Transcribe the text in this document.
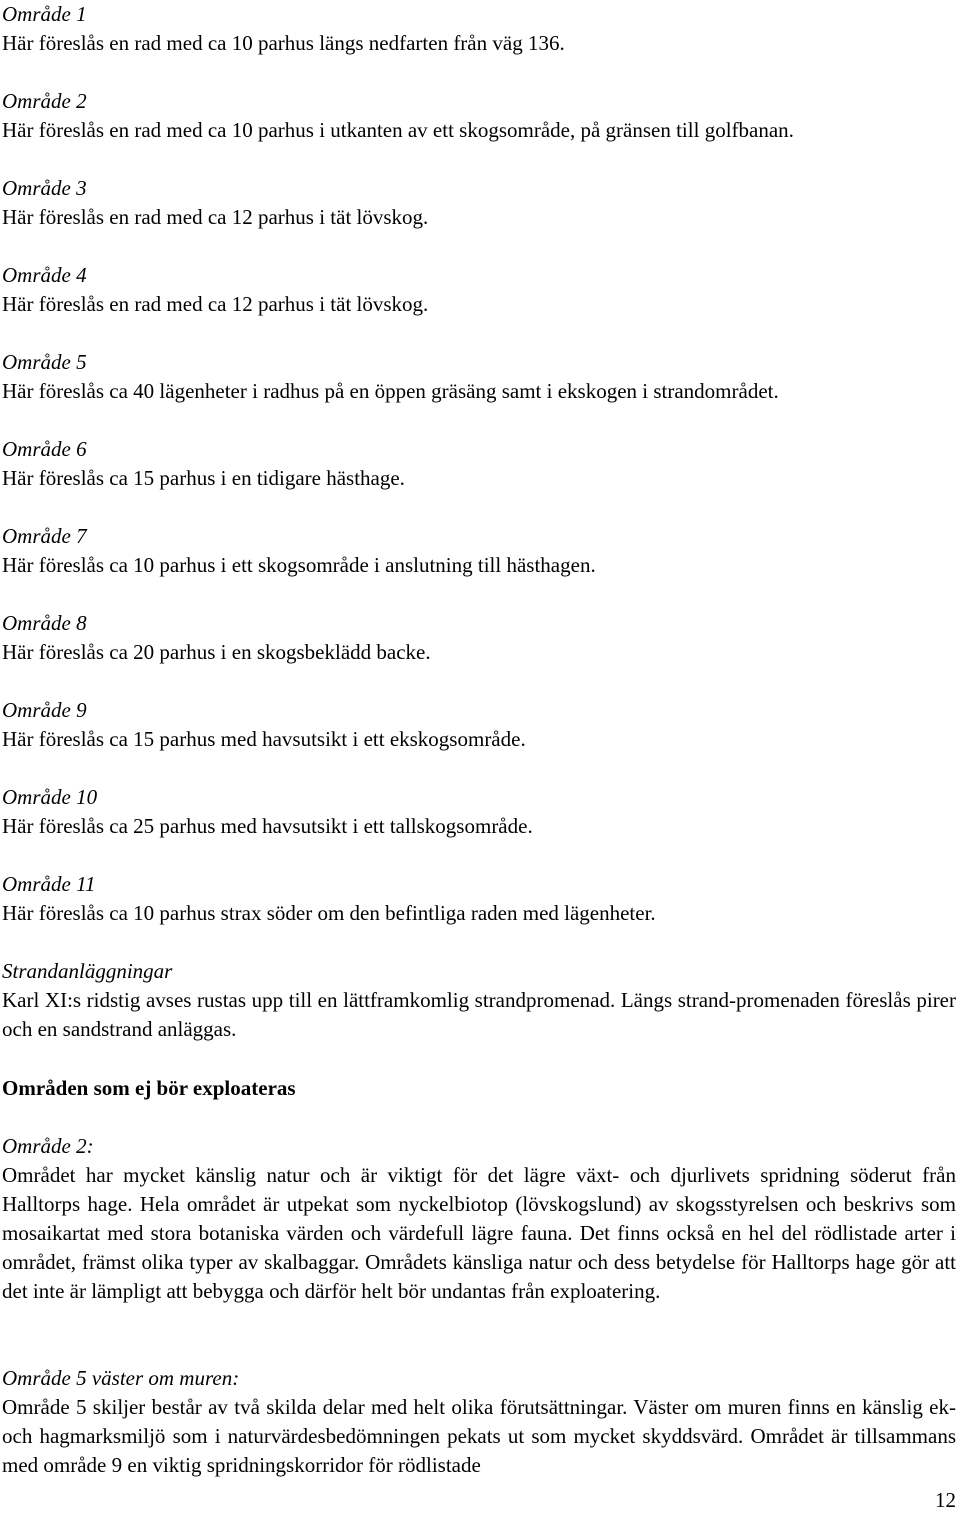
Område 1
Här föreslås en rad med ca 10 parhus längs nedfarten från väg 136.
Område 2
Här föreslås en rad med ca 10 parhus i utkanten av ett skogsområde, på gränsen till golfbanan.
Område 3
Här föreslås en rad med ca 12 parhus i tät lövskog.
Område 4
Här föreslås en rad med ca 12 parhus i tät lövskog.
Område 5
Här föreslås ca 40 lägenheter i radhus på en öppen gräsäng samt i ekskogen i strandområdet.
Område 6
Här föreslås ca 15 parhus i en tidigare hästhage.
Område 7
Här föreslås ca 10 parhus i ett skogsområde i anslutning till hästhagen.
Område 8
Här föreslås ca 20 parhus i en skogsbeklädd backe.
Område 9
Här föreslås ca 15 parhus med havsutsikt i ett ekskogsområde.
Område 10
Här föreslås ca 25 parhus med havsutsikt i ett tallskogsområde.
Område 11
Här föreslås ca 10 parhus strax söder om den befintliga raden med lägenheter.
Strandanläggningar
Karl XI:s ridstig avses rustas upp till en lättframkomlig strandpromenad. Längs strand-promenaden föreslås pirer och en sandstrand anläggas.
Områden som ej bör exploateras
Område 2:
Området har mycket känslig natur och är viktigt för det lägre växt- och djurlivets spridning söderut från Halltorps hage. Hela området är utpekat som nyckelbiotop (lövskogslund) av skogsstyrelsen och beskrivs som mosaikartat med stora botaniska värden och värdefull lägre fauna. Det finns också en hel del rödlistade arter i området, främst olika typer av skalbaggar. Områdets känsliga natur och dess betydelse för Halltorps hage gör att det inte är lämpligt att bebygga och därför helt bör undantas från exploatering.
Område 5 väster om muren:
Område 5 skiljer består av två skilda delar med helt olika förutsättningar. Väster om muren finns en känslig ek- och hagmarksmiljö som i naturvärdesbedömningen pekats ut som mycket skyddsvärd. Området är tillsammans med område 9 en viktig spridningskorridor för rödlistade
12
